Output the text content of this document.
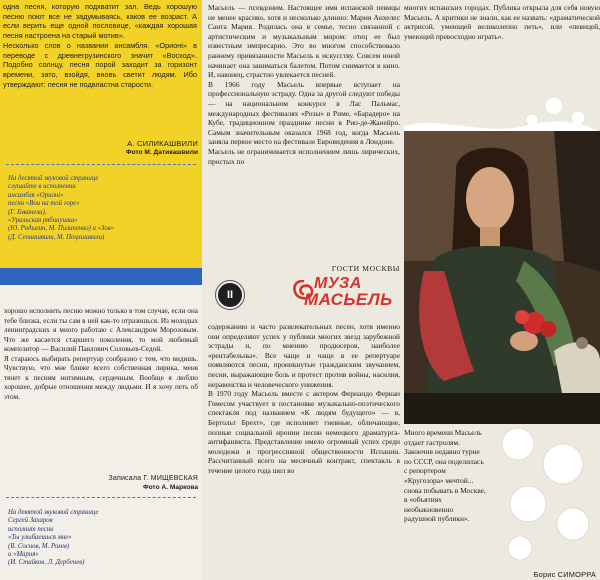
одна песня, которую подхватит зал. Ведь хорошую песню поют все не задумываясь, каков ее возраст. А если верить еще одной пословице, «каждая хорошая песня настроена на старый мотив».
Несколько слов о названии ансамбля. «Орионі» в переводе с древнегрузинского значит «Восход». Подобно солнцу, песня порой заходит за горизонт времени, зато, взойдя, вновь светит людям. Ибо утверждают: песня не подвластна старости.
А. СИЛИКАШВИЛИ
Фото М. Датикашвили
На десятой звуковой странице
слушайте в исполнении
ансамбля «Орионі»
песни «Вои на той горе»
(Г. Бзванели),
«Уральская рябинушка»
(Ю. Родыгин, М. Пилипенко) и «Зов»
(Д. Сепиашвили, М. Поцхишвили)
хорошо исполнить песню можно только в том случае, если она тебе близка, если ты сам в ней как-то отразишься. Из молодых ленинградских я много работаю с Александром Морозовым. Что же касается старшего поколения, то мой любимый композитор — Василий Павлович Соловьев-Седой.
Я стараюсь выбирать репертуар сообразно с тем, что видишь. Чувствую, что мне ближе всего собственная лирика, меня тянет к песням интимным, сердечным. Вообще я люблю хорошее, добрые отношения между людьми. И я хочу петь об этом.
Записала Г. МИЩЕВСКАЯ
Фото А. Маркова
На девятой звуковой странице
Сергей Захаров
исполнит песни
«Ты улыбаешься мне»
(В. Соснов, М. Ромм)
и «Мария»
(И. Стайков, Л. Дербенев)
Масьель — псевдоним. Настоящее имя испанской певицы не менее красиво, хотя и несколько длинно: Мария Анхелес Санта Мария. Родилась она в семье, тесно связанной с артистическим и музыкальным миром: отец ее был известным импресарио. Это во многом способствовало раннему привязанности Масьель к искусству. Совсем юной начинает она заниматься балетом. Потом снимается в кино. И, наконец, страстно увлекается песней.
В 1966 году Масьель впервые вступает на профессиональную эстраду. Одна за другой следуют победы — на национальном конкурсе в Лас Пальмас, международных фестивалях «Розы» в Риме, «Барадеро» на Кубе, традиционном празднике песни в Рио-де-Жанейро. Самым значительным оказался 1968 год, когда Масьель заняла первое место на фестивале Евровидения в Лондоне.
Масьель не ограничивается исполнением лишь лирических, простых по
ГОСТИ МОСКВЫ
II
МУЗА
МАСЬЕЛЬ
содержанию и часто развлекательных песен, хотя именно они определяют успех у публики многих звезд зарубежной эстрады и, по мнению продюсеров, наиболее «рентабельны». Все чаще и чаще в ее репертуаре появляются песни, проникнутые гражданским звучанием, песни, выражающие боль и протест против войны, насилия, неравенства и человеческого унижения.
В 1970 году Масьель вместе с актером Фернандо Фернан Гомесом участвует в постановке музыкально-поэтического спектакля под названием «К людям будущего» — в, Бертольт Брехт», где исполняет гневные, обличающие, полные социальной иронии песни немецкого драматурга-антифашиста. Представление имело огромный успех среди молодежи и прогрессивной общественности Испании. Рассчитанный всего на месячный контракт, спектакль в течение целого года шел во
многих испанских городах. Публика открыла для себя новую Масьель. А критики не знали, как ее назвать: «драматической актрисой, умеющей великолепно петь», или «певицей, умеющей превосходно играть».
Много времени Масьель отдает гастролям. Закончив недавно турне по СССР, она поделилась с репортером «Кругозора» мечтой... снова побывать в Москве, в «объятиях необыкновенно радушной публики».
Борис СИМОРРА
